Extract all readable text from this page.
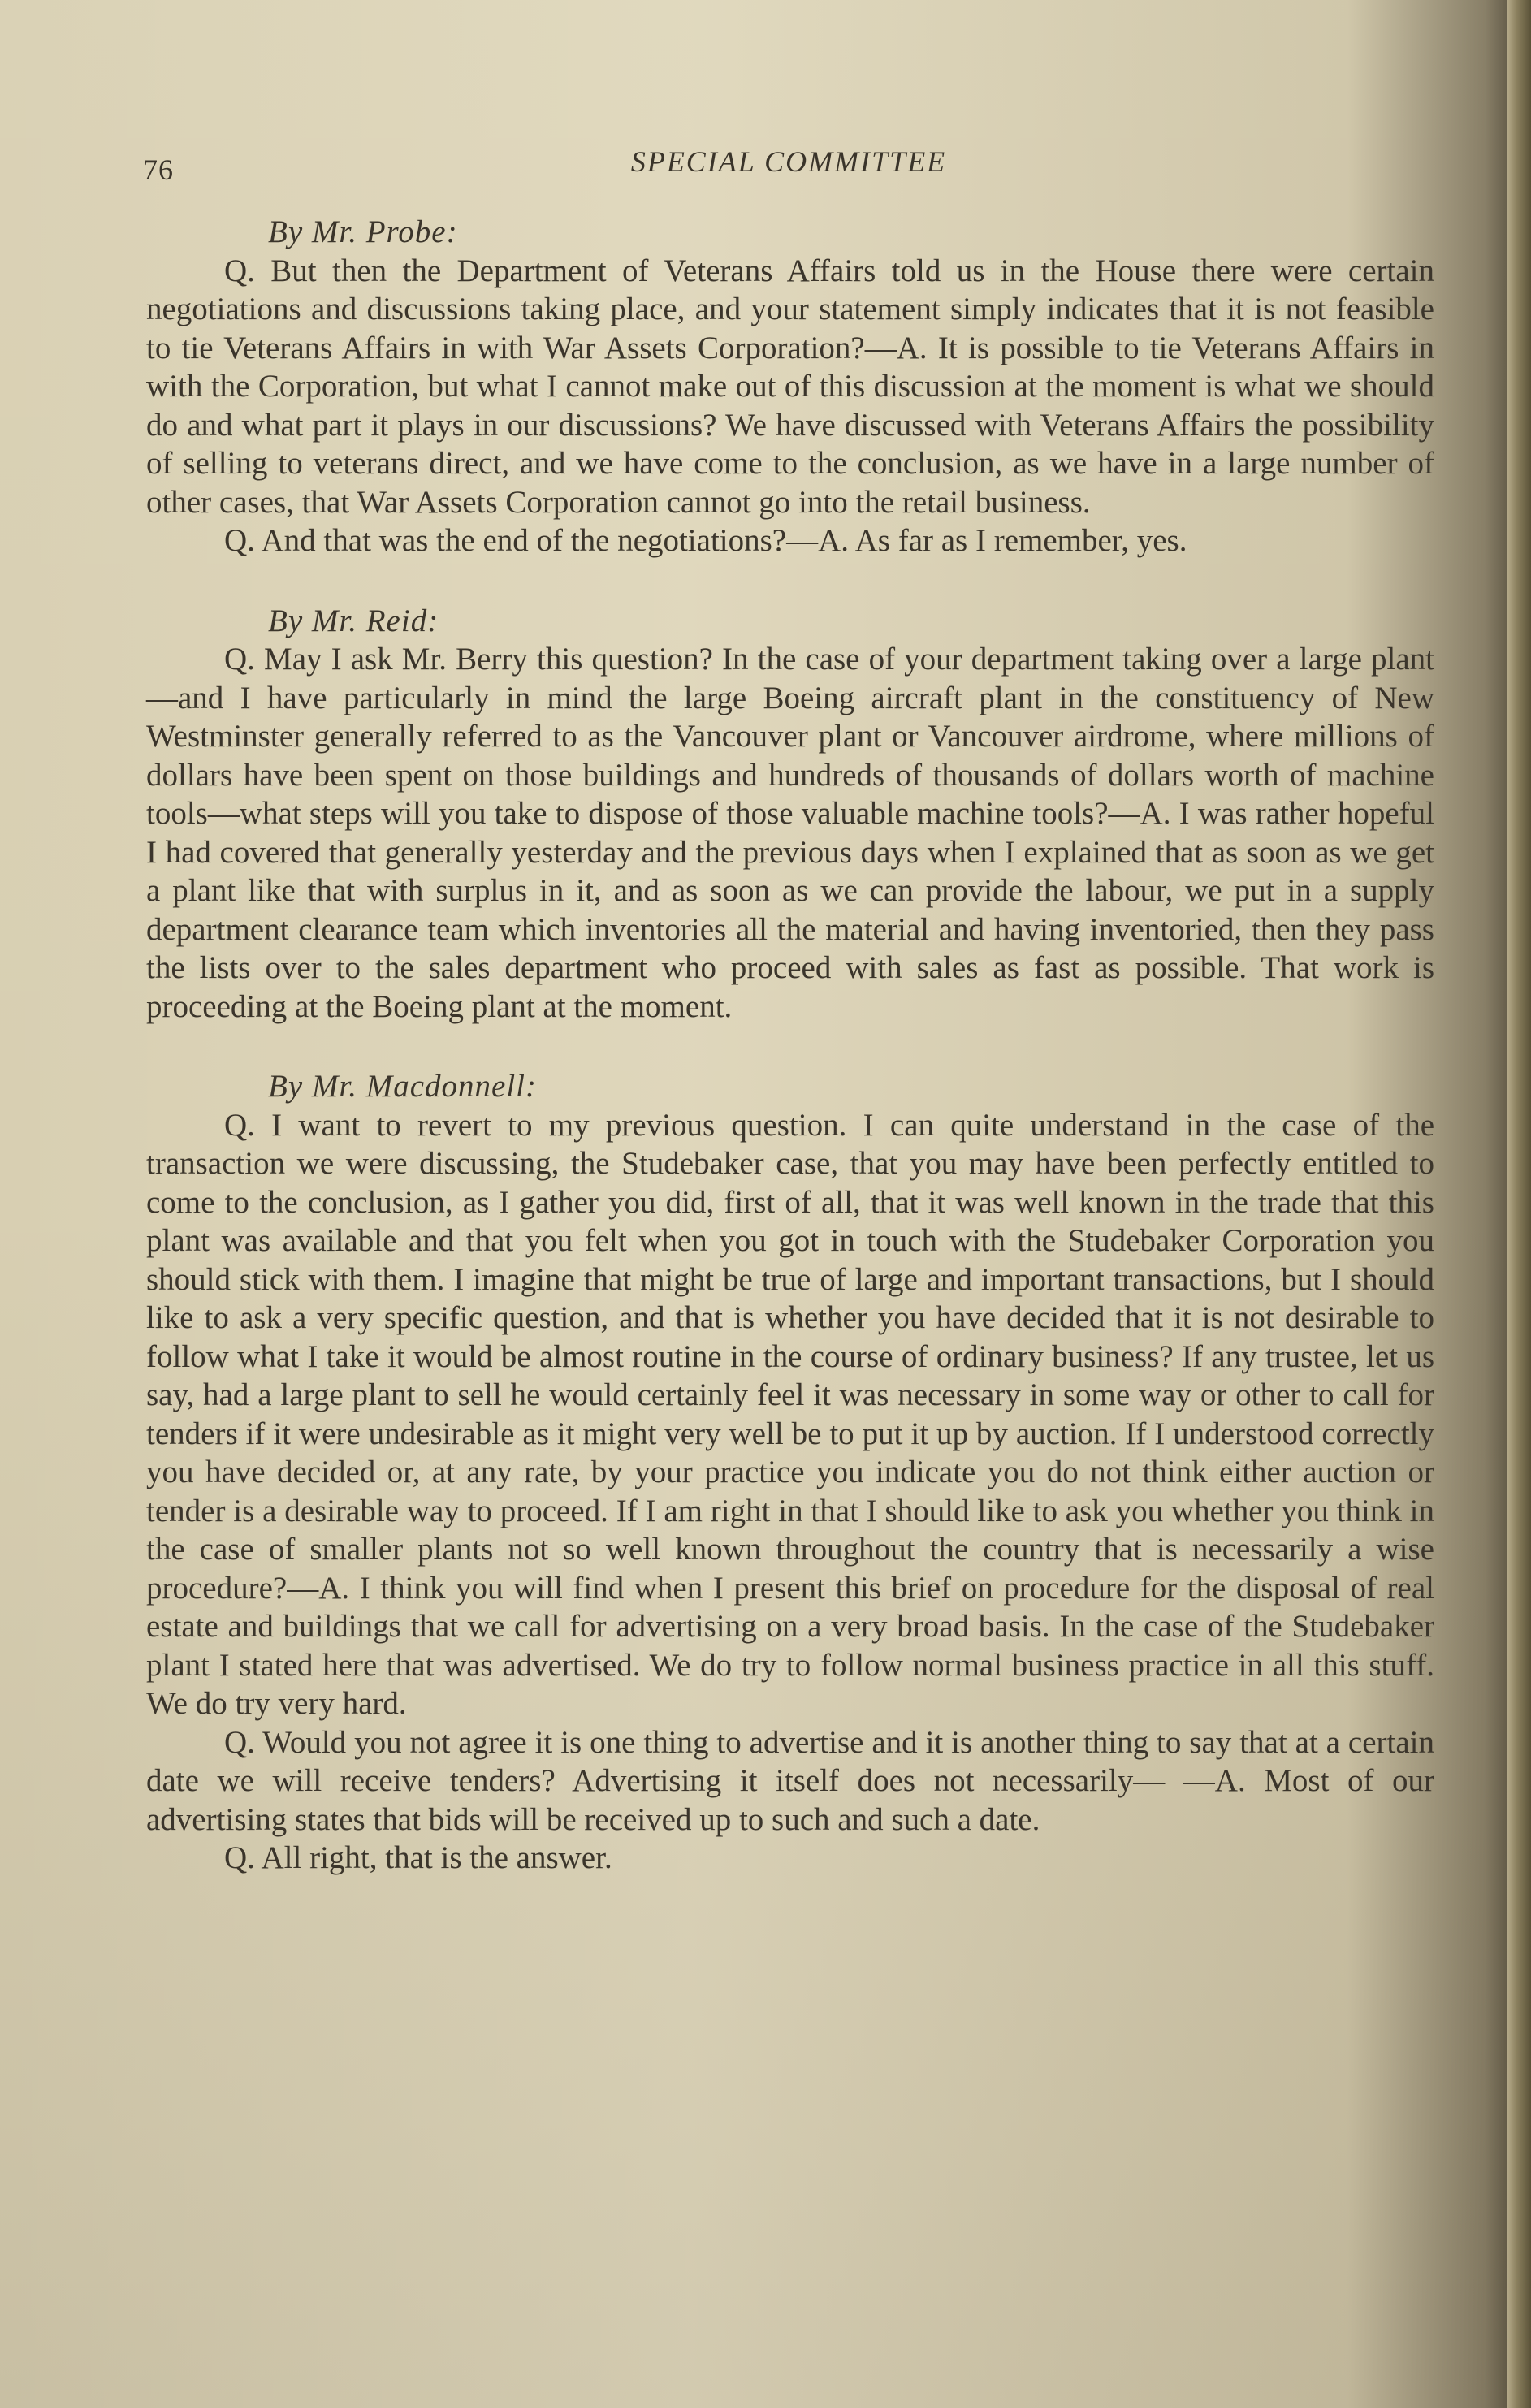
76	SPECIAL COMMITTEE

By Mr. Probe:

Q. But then the Department of Veterans Affairs told us in the House there were certain negotiations and discussions taking place, and your statement simply indicates that it is not feasible to tie Veterans Affairs in with War Assets Corporation?—A. It is possible to tie Veterans Affairs in with the Corporation, but what I cannot make out of this discussion at the moment is what we should do and what part it plays in our discussions? We have discussed with Veterans Affairs the possibility of selling to veterans direct, and we have come to the conclusion, as we have in a large number of other cases, that War Assets Corporation cannot go into the retail business.

Q. And that was the end of the negotiations?—A. As far as I remember, yes.

By Mr. Reid:

Q. May I ask Mr. Berry this question? In the case of your department taking over a large plant—and I have particularly in mind the large Boeing aircraft plant in the constituency of New Westminster generally referred to as the Vancouver plant or Vancouver airdrome, where millions of dollars have been spent on those buildings and hundreds of thousands of dollars worth of machine tools—what steps will you take to dispose of those valuable machine tools?—A. I was rather hopeful I had covered that generally yesterday and the previous days when I explained that as soon as we get a plant like that with surplus in it, and as soon as we can provide the labour, we put in a supply department clearance team which inventories all the material and having inventoried, then they pass the lists over to the sales department who proceed with sales as fast as possible. That work is proceeding at the Boeing plant at the moment.

By Mr. Macdonnell:

Q. I want to revert to my previous question. I can quite understand in the case of the transaction we were discussing, the Studebaker case, that you may have been perfectly entitled to come to the conclusion, as I gather you did, first of all, that it was well known in the trade that this plant was available and that you felt when you got in touch with the Studebaker Corporation you should stick with them. I imagine that might be true of large and important transactions, but I should like to ask a very specific question, and that is whether you have decided that it is not desirable to follow what I take it would be almost routine in the course of ordinary business? If any trustee, let us say, had a large plant to sell he would certainly feel it was necessary in some way or other to call for tenders if it were undesirable as it might very well be to put it up by auction. If I understood correctly you have decided or, at any rate, by your practice you indicate you do not think either auction or tender is a desirable way to proceed. If I am right in that I should like to ask you whether you think in the case of smaller plants not so well known throughout the country that is necessarily a wise procedure?—A. I think you will find when I present this brief on procedure for the disposal of real estate and buildings that we call for advertising on a very broad basis. In the case of the Studebaker plant I stated here that was advertised. We do try to follow normal business practice in all this stuff. We do try very hard.

Q. Would you not agree it is one thing to advertise and it is another thing to say that at a certain date we will receive tenders? Advertising it itself does not necessarily— —A. Most of our advertising states that bids will be received up to such and such a date.

Q. All right, that is the answer.
